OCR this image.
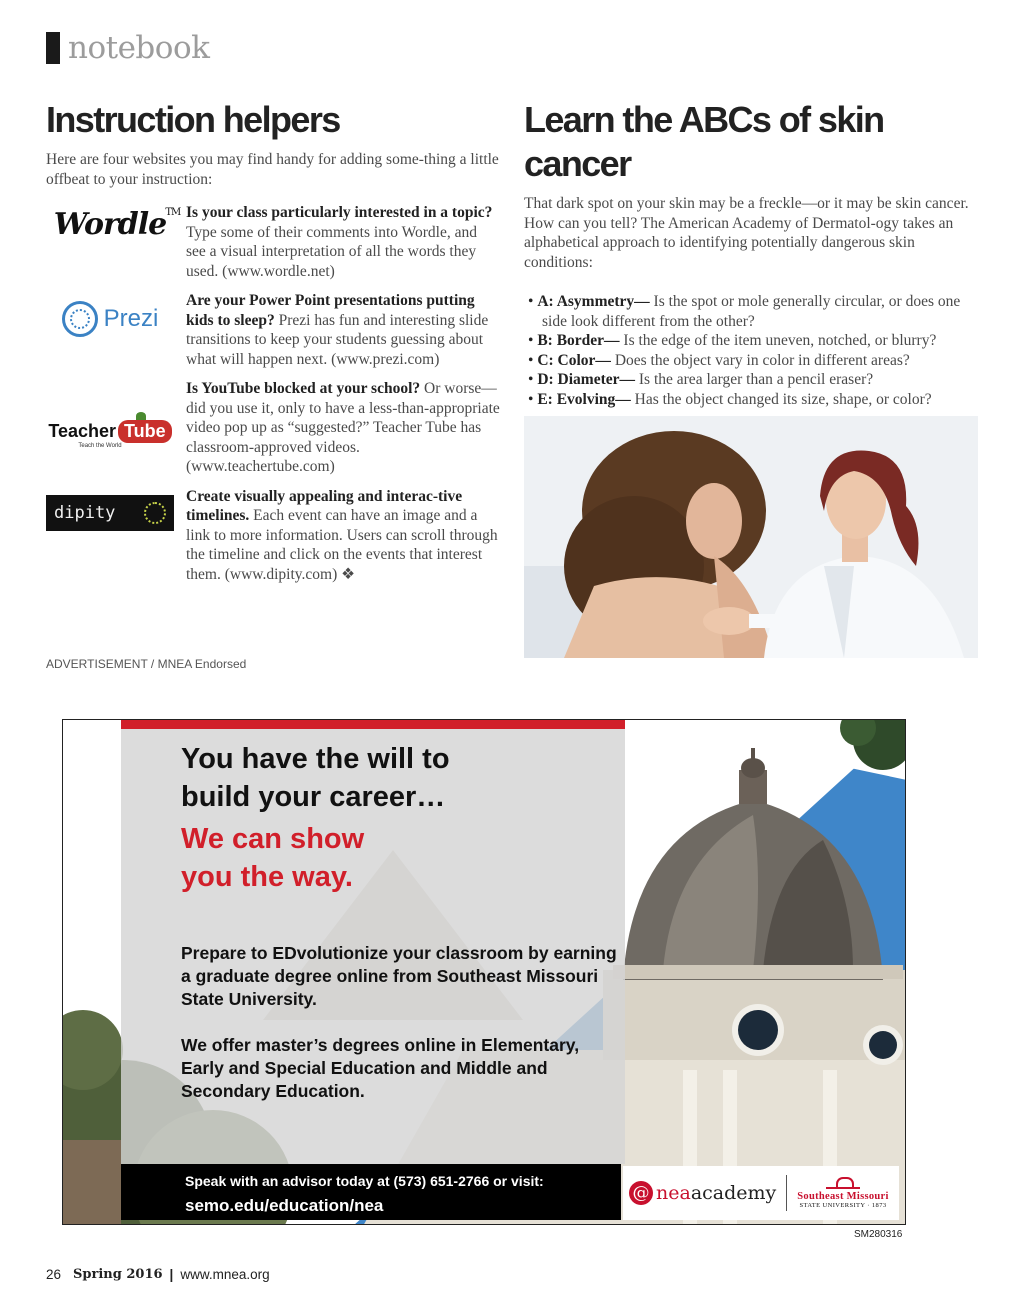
notebook
Instruction helpers

Here are four websites you may find handy for adding some-thing a little offbeat to your instruction:

Wordle TM Is your class particularly interested in a topic? Type some of their comments into Wordle, and see a visual interpretation of all the words they used. (www.wordle.net)
Prezi
Are your Power Point presentations putting kids to sleep? Prezi has fun and interesting slide transitions to keep your students guessing about what will happen next. (www.prezi.com)
Teacher Tube
Teach the World
Is YouTube blocked at your school? Or worse—did you use it, only to have a less-than-appropriate video pop up as “suggested?” Teacher Tube has classroom-approved videos. (www.teachertube.com)
dipity
Create visually appealing and interac-tive timelines. Each event can have an image and a link to more information. Users can scroll through the timeline and click on the events that interest them. (www.dipity.com) ❖
Learn the ABCs of skin cancer

That dark spot on your skin may be a freckle—or it may be skin cancer. How can you tell? The American Academy of Dermatol-ogy takes an alphabetical approach to identifying potentially dangerous skin conditions:

• A: Asymmetry— Is the spot or mole generally circular, or does one side look different from the other?
• B: Border— Is the edge of the item uneven, notched, or blurry?
• C: Color— Does the object vary in color in different areas?
• D: Diameter— Is the area larger than a pencil eraser?
• E: Evolving— Has the object changed its size, shape, or color?

ADVERTISEMENT / MNEA Endorsed
You have the will to
build your career…
We can show
you the way.

Prepare to EDvolutionize your classroom by earning a graduate degree online from Southeast Missouri State University.

We offer master’s degrees online in Elementary, Early and Special Education and Middle and Secondary Education.

Speak with an advisor today at (573) 651-2766 or visit:
semo.edu/education/nea
@ nea academy Southeast Missouri
STATE UNIVERSITY · 1873
SM280316
26 Spring 2016 | www.mnea.org
